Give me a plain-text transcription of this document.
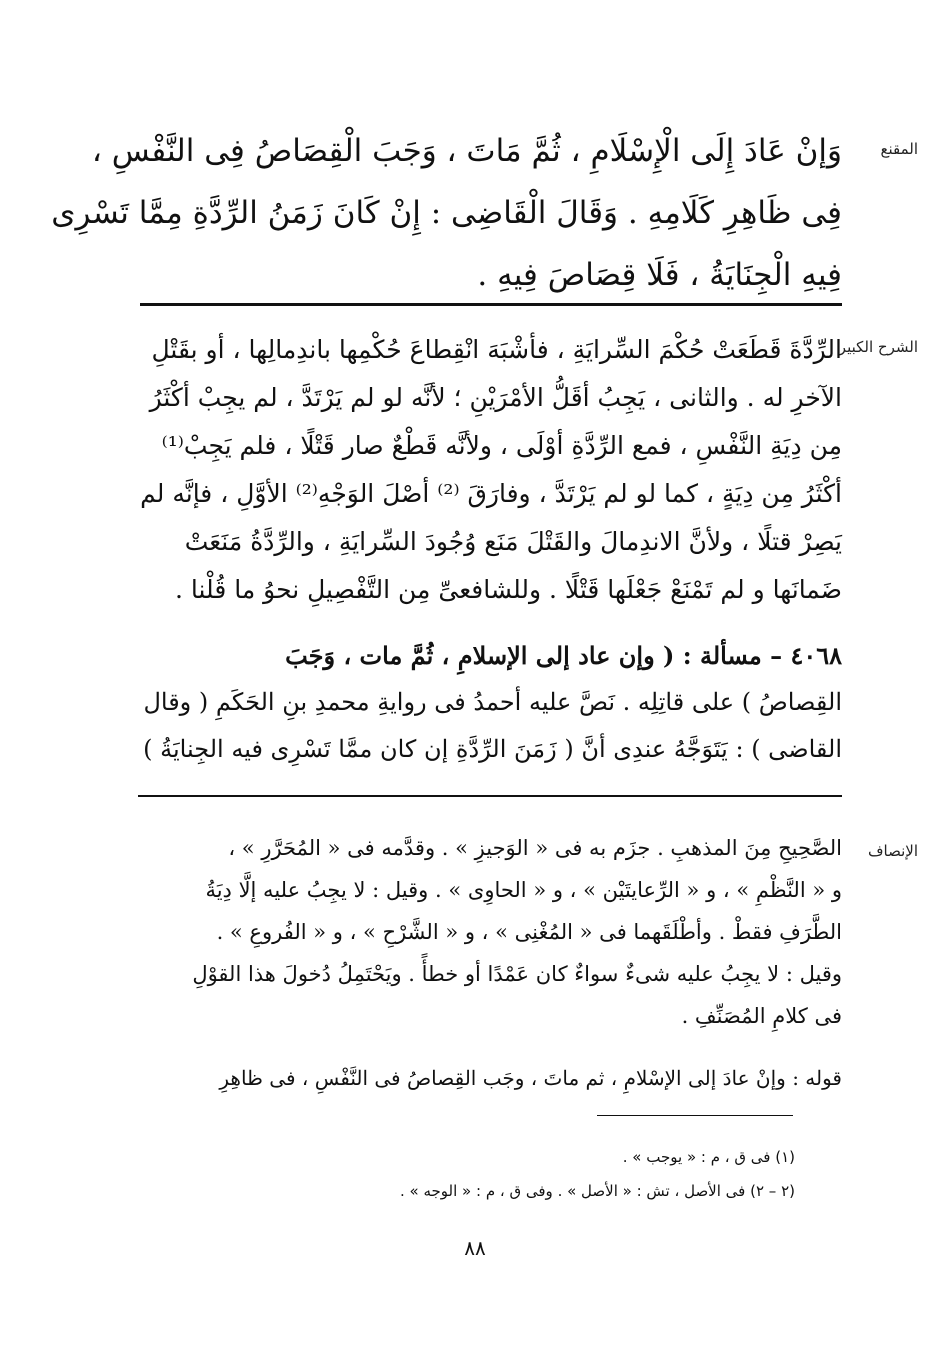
المقنع
وَإنْ عَادَ إِلَى الْإِسْلَامِ ، ثُمَّ مَاتَ ، وَجَبَ الْقِصَاصُ فِى النَّفْسِ ،
فِى ظَاهِرِ كَلَامِهِ . وَقَالَ الْقَاضِى : إِنْ كَانَ زَمَنُ الرِّدَّةِ مِمَّا تَسْرِى
فِيهِ الْجِنَايَةُ ، فَلَا قِصَاصَ فِيهِ .
الشرح الكبير
الرِّدَّةَ قَطَعَتْ حُكْمَ السِّرايَةِ ، فأشْبَهَ انْقِطاعَ حُكْمِها باندِمالِها ، أو بقَتْلِ
الآخرِ له . والثانى ، يَجِبُ أقَلُّ الأمْرَيْنِ ؛ لأنَّه لو لم يَرْتَدَّ ، لم يجِبْ أكْثَرُ
مِن دِيَةِ النَّفْسِ ، فمع الرِّدَّةِ أوْلَى ، ولأنَّه قَطْعٌ صار قَتْلًا ، فلم يَجِبْ⁽¹⁾
أكْثَرُ مِن دِيَةٍ ، كما لو لم يَرْتَدَّ ، وفارَقَ ⁽²⁾ أصْلَ الوَجْهِ⁽²⁾ الأوَّلِ ، فإنَّه لم
يَصِرْ قتلًا ، ولأنَّ الاندِمالَ والقَتْلَ مَنَع وُجُودَ السِّرايَةِ ، والرِّدَّةُ مَنَعَتْ
ضَمانَها و لم تَمْنَعْ جَعْلَها قَتْلًا . وللشافعىِّ مِن التَّفْصِيلِ نحوُ ما قُلْنا .
٤٠٦٨ – مسألة : ( وإن عاد إلى الإسلامِ ، ثُمَّ مات ، وَجَبَ
القِصاصُ ) على قاتِلِه . نَصَّ عليه أحمدُ فى روايةِ محمدِ بنِ الحَكَمِ ( وقال
القاضى ) : يَتَوَجَّهُ عندِى أنَّ ( زَمَنَ الرِّدَّةِ إن كان ممَّا تَسْرِى فيه الجِنايَةُ )
الإنصاف
الصَّحِيحِ مِنَ المذهبِ . جزَم به فى « الوَجيزِ » . وقدَّمه فى « المُحَرَّرِ » ،
و « النَّظْمِ » ، و « الرِّعايتَيْن » ، و « الحاوِى » . وقيل : لا يجِبُ عليه إلَّا دِيَةُ
الطَّرَفِ فقطْ . وأطْلَقَهما فى « المُغْنِى » ، و « الشَّرْحِ » ، و « الفُروعِ » .
وقيل : لا يجِبُ عليه شىءٌ سواءٌ كان عَمْدًا أو خطأً . ويَحْتَمِلُ دُخولَ هذا القوْلِ
فى كلامِ المُصَنِّفِ .
قوله : وإنْ عادَ إلى الإسْلامِ ، ثم ماتَ ، وجَب القِصاصُ فى النَّفْسِ ، فى ظاهِرِ
(١) فى ق ، م : « يوجب » .
(٢ – ٢) فى الأصل ، تش : « الأصل » . وفى ق ، م : « الوجه » .
٨٨
